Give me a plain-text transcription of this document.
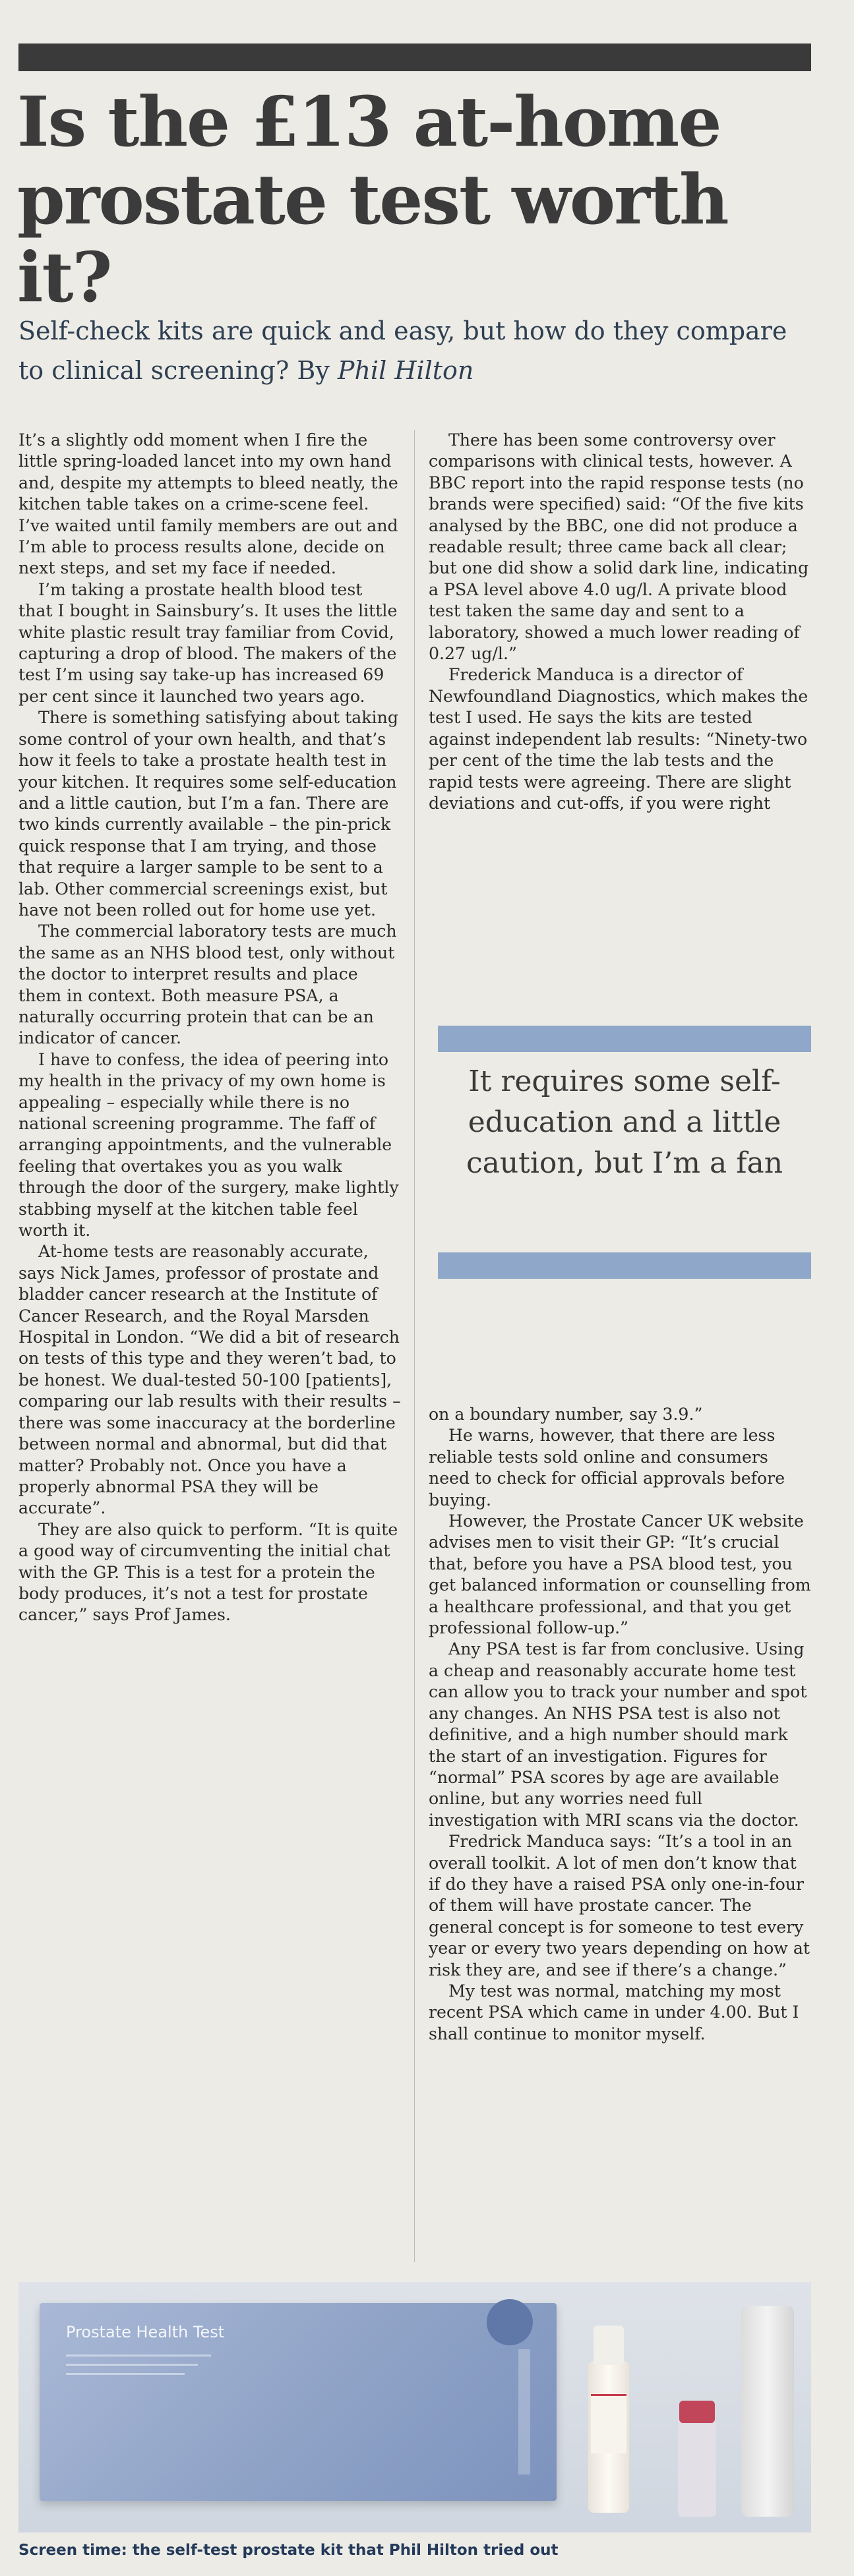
Is the £13 at-home
prostate test worth it?
Self-check kits are quick and easy, but how do they compare to clinical screening? By Phil Hilton

It’s a slightly odd moment when I fire the little spring-loaded lancet into my own hand and, despite my attempts to bleed neatly, the kitchen table takes on a crime-scene feel. I’ve waited until family members are out and I’m able to process results alone, decide on next steps, and set my face if needed.

I’m taking a prostate health blood test that I bought in Sainsbury’s. It uses the little white plastic result tray familiar from Covid, capturing a drop of blood. The makers of the test I’m using say take-up has increased 69 per cent since it launched two years ago.

There is something satisfying about taking some control of your own health, and that’s how it feels to take a prostate health test in your kitchen. It requires some self-education and a little caution, but I’m a fan. There are two kinds currently available – the pin-prick quick response that I am trying, and those that require a larger sample to be sent to a lab. Other commercial screenings exist, but have not been rolled out for home use yet.

The commercial laboratory tests are much the same as an NHS blood test, only without the doctor to interpret results and place them in context. Both measure PSA, a naturally occurring protein that can be an indicator of cancer.

I have to confess, the idea of peering into my health in the privacy of my own home is appealing – especially while there is no national screening programme. The faff of arranging appointments, and the vulnerable feeling that overtakes you as you walk through the door of the surgery, make lightly stabbing myself at the kitchen table feel worth it.

At-home tests are reasonably accurate, says Nick James, professor of prostate and bladder cancer research at the Institute of Cancer Research, and the Royal Marsden Hospital in London. “We did a bit of research on tests of this type and they weren’t bad, to be honest. We dual-tested 50-100 [patients], comparing our lab results with their results – there was some inaccuracy at the borderline between normal and abnormal, but did that matter? Probably not. Once you have a properly abnormal PSA they will be accurate”.

They are also quick to perform. “It is quite a good way of circumventing the initial chat with the GP. This is a test for a protein the body produces, it’s not a test for prostate cancer,” says Prof James.

There has been some controversy over comparisons with clinical tests, however. A BBC report into the rapid response tests (no brands were specified) said: “Of the five kits analysed by the BBC, one did not produce a readable result; three came back all clear; but one did show a solid dark line, indicating a PSA level above 4.0 ug/l. A private blood test taken the same day and sent to a laboratory, showed a much lower reading of 0.27 ug/l.”

Frederick Manduca is a director of Newfoundland Diagnostics, which makes the test I used. He says the kits are tested against independent lab results: “Ninety-two per cent of the time the lab tests and the rapid tests were agreeing. There are slight deviations and cut-offs, if you were right

It requires some self-education and a little caution, but I’m a fan

on a boundary number, say 3.9.”

He warns, however, that there are less reliable tests sold online and consumers need to check for official approvals before buying.

However, the Prostate Cancer UK website advises men to visit their GP: “It’s crucial that, before you have a PSA blood test, you get balanced information or counselling from a healthcare professional, and that you get professional follow-up.”

Any PSA test is far from conclusive. Using a cheap and reasonably accurate home test can allow you to track your number and spot any changes. An NHS PSA test is also not definitive, and a high number should mark the start of an investigation. Figures for “normal” PSA scores by age are available online, but any worries need full investigation with MRI scans via the doctor.

Fredrick Manduca says: “It’s a tool in an overall toolkit. A lot of men don’t know that if do they have a raised PSA only one-in-four of them will have prostate cancer. The general concept is for someone to test every year or every two years depending on how at risk they are, and see if there’s a change.”

My test was normal, matching my most recent PSA which came in under 4.00. But I shall continue to monitor myself.

Prostate Health Test
Screen time: the self-test prostate kit that Phil Hilton tried out
